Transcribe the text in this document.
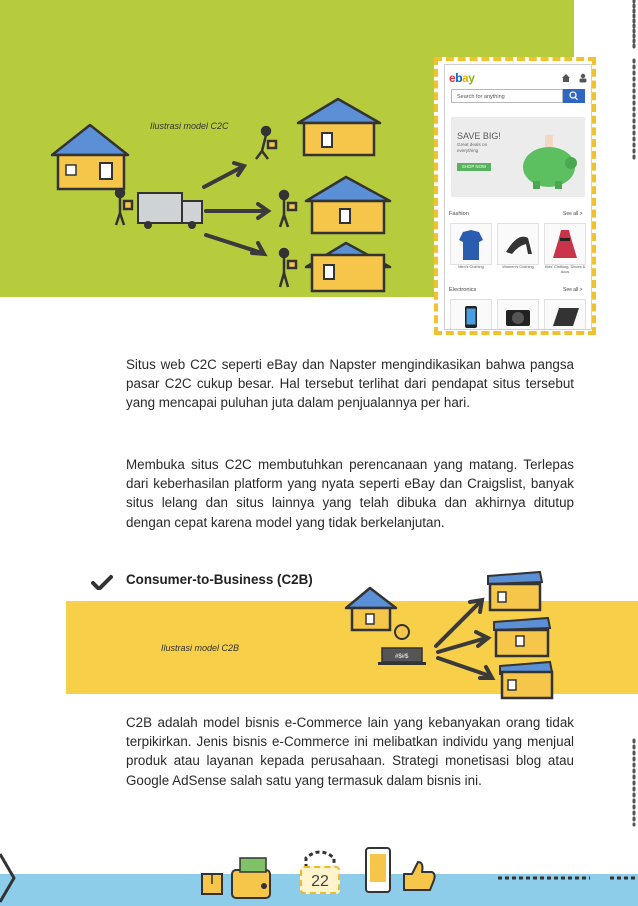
Ilustrasi model C2C
ebay
Search for anything
SAVE BIG!
Great deals on everything
SHOP NOW
Fashion	See all >
Men's Clothing	Women's Clothing	Kids' Clothing, Shoes & Accs
Electronics	See all >

Situs web C2C seperti eBay dan Napster mengindikasikan bahwa pangsa pasar C2C cukup besar. Hal tersebut terlihat dari pendapat situs tersebut yang mencapai puluhan juta dalam penjualannya per hari.

Membuka situs C2C membutuhkan perencanaan yang matang. Terlepas dari keberhasilan platform yang nyata seperti eBay dan Craigslist, banyak situs lelang dan situs lainnya yang telah dibuka dan akhirnya ditutup dengan cepat karena model yang tidak berkelanjutan.

Consumer-to-Business (C2B)
Ilustrasi model C2B
#$#$

C2B adalah model bisnis e-Commerce lain yang kebanyakan orang tidak terpikirkan. Jenis bisnis e-Commerce ini melibatkan individu yang menjual produk atau layanan kepada perusahaan. Strategi monetisasi blog atau Google AdSense salah satu yang termasuk dalam bisnis ini.

22
